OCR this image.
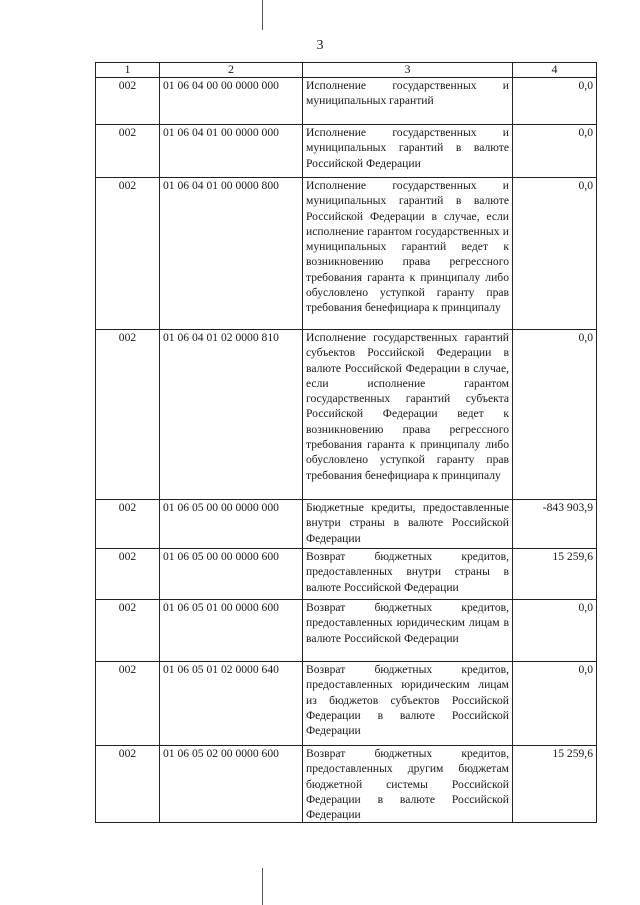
3
1	2	3	4
002	01 06 04 00 00 0000 000	Исполнение государственных и муниципальных гарантий	0,0
002	01 06 04 01 00 0000 000	Исполнение государственных и муниципальных гарантий в валюте Российской Федерации	0,0
002	01 06 04 01 00 0000 800	Исполнение государственных и муниципальных гарантий в валюте Российской Федерации в случае, если исполнение гарантом государственных и муниципальных гарантий ведет к возникновению права регрессного требования гаранта к принципалу либо обусловлено уступкой гаранту прав требования бенефициара к принципалу	0,0
002	01 06 04 01 02 0000 810	Исполнение государственных гарантий субъектов Российской Федерации в валюте Российской Федерации в случае, если исполнение гарантом государственных гарантий субъекта Российской Федерации ведет к возникновению права регрессного требования гаранта к принципалу либо обусловлено уступкой гаранту прав требования бенефициара к принципалу	0,0
002	01 06 05 00 00 0000 000	Бюджетные кредиты, предоставленные внутри страны в валюте Российской Федерации	-843 903,9
002	01 06 05 00 00 0000 600	Возврат бюджетных кредитов, предоставленных внутри страны в валюте Российской Федерации	15 259,6
002	01 06 05 01 00 0000 600	Возврат бюджетных кредитов, предоставленных юридическим лицам в валюте Российской Федерации	0,0
002	01 06 05 01 02 0000 640	Возврат бюджетных кредитов, предоставленных юридическим лицам из бюджетов субъектов Российской Федерации в валюте Российской Федерации	0,0
002	01 06 05 02 00 0000 600	Возврат бюджетных кредитов, предоставленных другим бюджетам бюджетной системы Российской Федерации в валюте Российской Федерации	15 259,6
